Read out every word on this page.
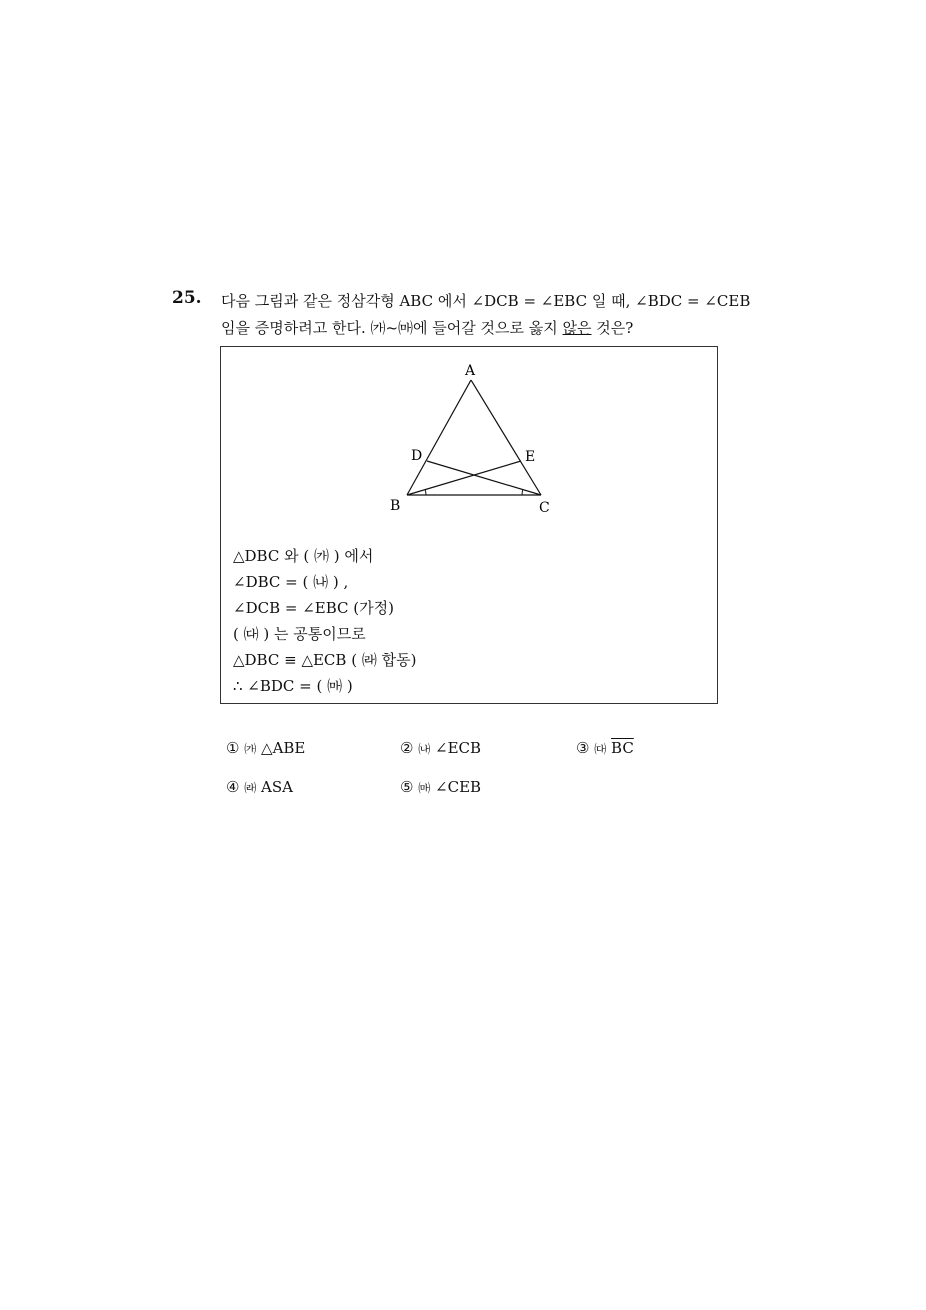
25. 다음 그림과 같은 정삼각형 ABC 에서 ∠DCB = ∠EBC 일 때, ∠BDC = ∠CEB
임을 증명하려고 한다. ㈎~㈒에 들어갈 것으로 옳지 않은 것은?
A
B	C
D	E
△DBC 와 ( ㈎ ) 에서
∠DBC = ( ㈏ ) ,
∠DCB = ∠EBC (가정)
( ㈐ ) 는 공통이므로
△DBC ≡ △ECB ( ㈑ 합동)
∴ ∠BDC = ( ㈒ )
① ㈎ △ABE	② ㈏ ∠ECB	③ ㈐ $\overline{BC}$
④ ㈑ ASA	⑤ ㈒ ∠CEB
